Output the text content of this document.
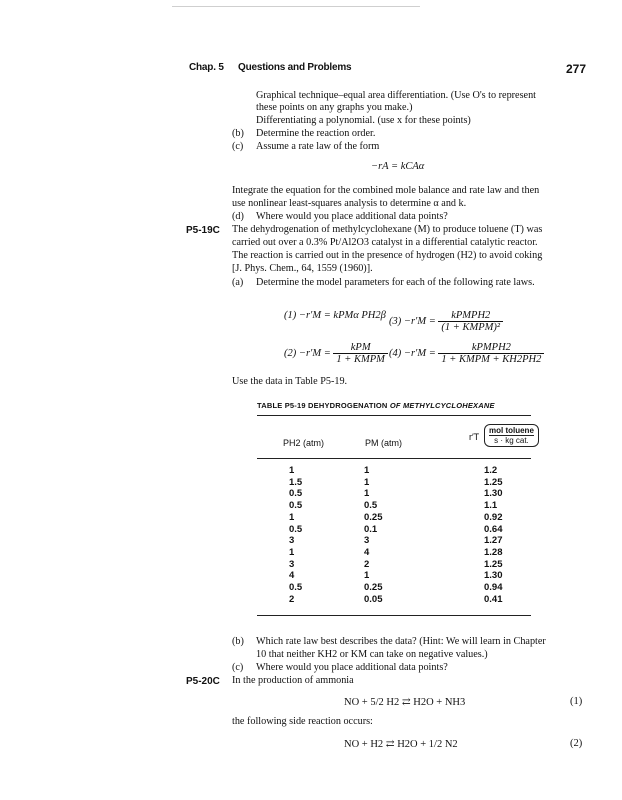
Chap. 5 Questions and Problems	277
Graphical technique–equal area differentiation. (Use O's to represent
these points on any graphs you make.)
Differentiating a polynomial. (use x for these points)
(b) Determine the reaction order.
(c) Assume a rate law of the form
−rA = kCAα
Integrate the equation for the combined mole balance and rate law and then
use nonlinear least-squares analysis to determine α and k.
(d) Where would you place additional data points?
P5-19C The dehydrogenation of methylcyclohexane (M) to produce toluene (T) was
carried out over a 0.3% Pt/Al2O3 catalyst in a differential catalytic reactor.
The reaction is carried out in the presence of hydrogen (H2) to avoid coking
[J. Phys. Chem., 64, 1559 (1960)].
(a) Determine the model parameters for each of the following rate laws.
(1) −r′M = kPMα PH2β
$(3) -r'M = \frac{\text{kPMPH2}}{\text{(1 + KMPM)²}}$
$(2) -r'M = \frac{\text{kPM}}{\text{1 + KMPM}} (4) -r'M = \frac{\text{kPMPH2}}{\text{1 + KMPM + KH2PH2}}$
Use the data in Table P5-19.
TABLE P5-19 DEHYDROGENATION OF METHYLCYCLOHEXANE
PH2 (atm)	PM (atm)
r′T
mol toluene
s · kg cat.
1	1	1.2
1.5	1	1.25
0.5	1	1.30
0.5	0.5	1.1
1	0.25	0.92
0.5	0.1	0.64
3	3	1.27
1	4	1.28
3	2	1.25
4	1	1.30
0.5	0.25	0.94
2	0.05	0.41
(b) Which rate law best describes the data? (Hint: We will learn in Chapter
10 that neither KH2 or KM can take on negative values.)
(c) Where would you place additional data points?
P5-20C In the production of ammonia
NO + 5/2 H2 ⇄ H2O + NH3	(1)
the following side reaction occurs:
NO + H2 ⇄ H2O + 1/2 N2	(2)
